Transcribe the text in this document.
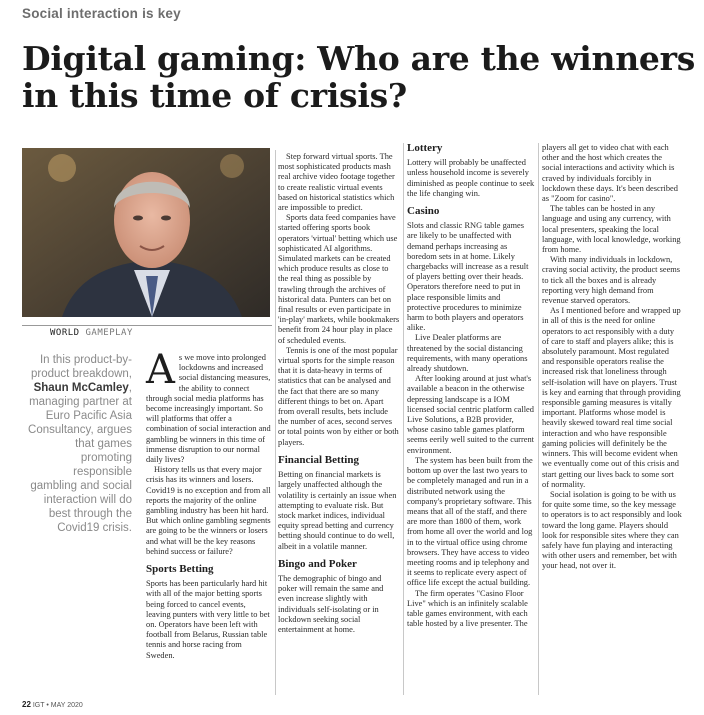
Social interaction is key
Digital gaming: Who are the winners in this time of crisis?
WORLD GAMEPLAY
In this product-by-product breakdown, Shaun McCamley, managing partner at Euro Pacific Asia Consultancy, argues that games promoting responsible gambling and social interaction will do best through the Covid19 crisis.

As we move into prolonged lockdowns and increased social distancing measures, the ability to connect through social media platforms has become increasingly important. So will platforms that offer a combination of social interaction and gambling be winners in this time of immense disruption to our normal daily lives?

History tells us that every major crisis has its winners and losers. Covid19 is no exception and from all reports the majority of the online gambling industry has been hit hard. But which online gambling segments are going to be the winners or losers and what will be the key reasons behind success or failure?

Sports Betting

Sports has been particularly hard hit with all of the major betting sports being forced to cancel events, leaving punters with very little to bet on. Operators have been left with football from Belarus, Russian table tennis and horse racing from Sweden.

Step forward virtual sports. The most sophisticated products mash real archive video footage together to create realistic virtual events based on historical statistics which are impossible to predict.

Sports data feed companies have started offering sports book operators 'virtual' betting which use sophisticated AI algorithms. Simulated markets can be created which produce results as close to the real thing as possible by trawling through the archives of historical data. Punters can bet on final results or even participate in 'in-play' markets, while bookmakers benefit from 24 hour play in place of scheduled events.

Tennis is one of the most popular virtual sports for the simple reason that it is data-heavy in terms of statistics that can be analysed and the fact that there are so many different things to bet on. Apart from overall results, bets include the number of aces, second serves or total points won by either or both players.

Financial Betting

Betting on financial markets is largely unaffected although the volatility is certainly an issue when attempting to evaluate risk. But stock market indices, individual equity spread betting and currency betting should continue to do well, albeit in a volatile manner.

Bingo and Poker

The demographic of bingo and poker will remain the same and even increase slightly with individuals self-isolating or in lockdown seeking social entertainment at home.

Lottery

Lottery will probably be unaffected unless household income is severely diminished as people continue to seek the life changing win.

Casino

Slots and classic RNG table games are likely to be unaffected with demand perhaps increasing as boredom sets in at home. Likely chargebacks will increase as a result of players betting over their heads. Operators therefore need to put in place responsible limits and protective procedures to minimize harm to both players and operators alike.

Live Dealer platforms are threatened by the social distancing requirements, with many operations already shutdown.

After looking around at just what's available a beacon in the otherwise depressing landscape is a IOM licensed social centric platform called Live Solutions, a B2B provider, whose casino table games platform seems eerily well suited to the current environment.

The system has been built from the bottom up over the last two years to be completely managed and run in a distributed network using the company's proprietary software. This means that all of the staff, and there are more than 1800 of them, work from home all over the world and log in to the virtual office using chrome browsers. They have access to video meeting rooms and ip telephony and it seems to replicate every aspect of office life except the actual building.

The firm operates "Casino Floor Live" which is an infinitely scalable table games environment, with each table hosted by a live presenter. The

players all get to video chat with each other and the host which creates the social interactions and activity which is craved by individuals forcibly in lockdown these days. It's been described as "Zoom for casino".

The tables can be hosted in any language and using any currency, with local presenters, speaking the local language, with local knowledge, working from home.

With many individuals in lockdown, craving social activity, the product seems to tick all the boxes and is already reporting very high demand from revenue starved operators.

As I mentioned before and wrapped up in all of this is the need for online operators to act responsibly with a duty of care to staff and players alike; this is absolutely paramount. Most regulated and responsible operators realise the increased risk that loneliness through self-isolation will have on players. Trust is key and earning that through providing responsible gaming measures is vitally important. Platforms whose model is heavily skewed toward real time social interaction and who have responsible gaming policies will definitely be the winners. This will become evident when we eventually come out of this crisis and start getting our lives back to some sort of normality.

Social isolation is going to be with us for quite some time, so the key message to operators is to act responsibly and look toward the long game. Players should look for responsible sites where they can safely have fun playing and interacting with other users and remember, bet with your head, not over it.

22 IGT • MAY 2020
